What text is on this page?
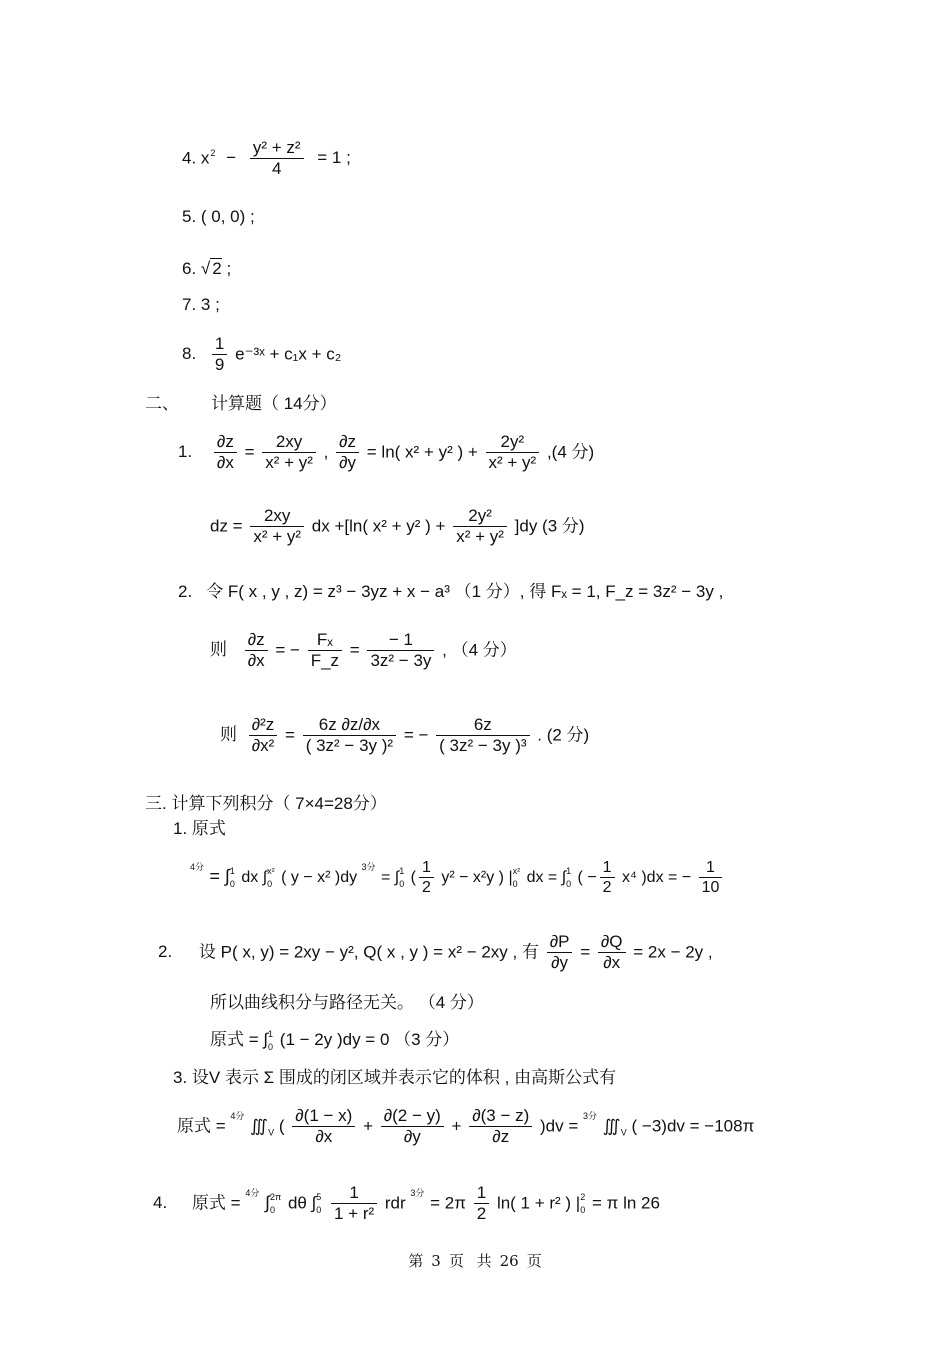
4. $x^2 - \frac{\text{y² + z²}}{4} = 1$ ;
5. ( 0, 0) ;
6. √ 2 ;
7. 3 ;
8. $\frac{1}{9}$ e⁻³ˣ + c₁x + c₂
二、 计算题（ 14分）
1. $\frac{\partial z}{\partial x} = \frac{2xy}{\text{x² + y²}}$ , $\frac{\partial z}{\partial y} = \ln$( x² + y² ) + $\frac{\text{2y²}}{\text{x² + y²}} ,(4$ 分)
dz = $\frac{2xy}{\text{x² + y²}}$ dx +[ln( x² + y² ) + $\frac{\text{2y²}}{\text{x² + y²}} ]dy$ (3 分)
2. 令 F( x , y , z) = z³ − 3yz + x − a³ （1 分）, 得 Fₓ = 1, F_z = 3z² − 3y ,
则 $\frac{\partial z}{\partial x}$ = − $\frac{\text{Fₓ}}{F\_z} = \frac{- 1}{\text{3z² − 3y}}$ , （4 分）
则 $\frac{\text{∂²z}}{\text{∂x²}} = \frac{6z \partial z/\partial x}{\text{( 3z² − 3y )²}}$ = − $\frac{6z}{\text{( 3z² − 3y )³}}$ . (2 分)
三. 计算下列积分（ 7×4=28分）
1. 原式
$^{4分}$ = ∫ 1
0 dx ∫ x²
0 ( y − x² )dy $^{3分}$ = ∫ 1
0 ( $\frac{1}{2} y^2 - x^2y$ ) | x²
0 dx = ∫ 1
0 ( − $\frac{1}{2} x^4$ )dx = − $\frac{1}{10}$
2. 设 P( x, y) = 2xy − y², Q( x , y ) = x² − 2xy , 有 $\frac{\partial P}{\partial y} = \frac{\partial Q}{\partial x} = 2x - 2y$ ,
所以曲线积分与路径无关。 （4 分）
原式 = ∫ 1
0 (1 − 2y )dy = 0 （3 分）
3. 设V 表示 Σ 围成的闭区域并表示它的体积 , 由高斯公式有
原式 = $^{4分}$ $∭_V$ ( $\frac{\partial(1 - x)}{\partial x} + \frac{\partial(2 - y)}{\partial y} + \frac{\partial(3 - z)}{\partial z} )dv = ^{3分}$ $∭_V$ ( −3)dv = −108π
4. 原式 = $^{4分}$ ∫ 2π
0 dθ ∫ 5
0
$\frac{1}{\text{1 + r²}}$ rdr $^{3分} = 2\pi \frac{1}{2} \ln$( 1 + r² ) | 2
0 = π ln 26
第 3 页 共 26 页
